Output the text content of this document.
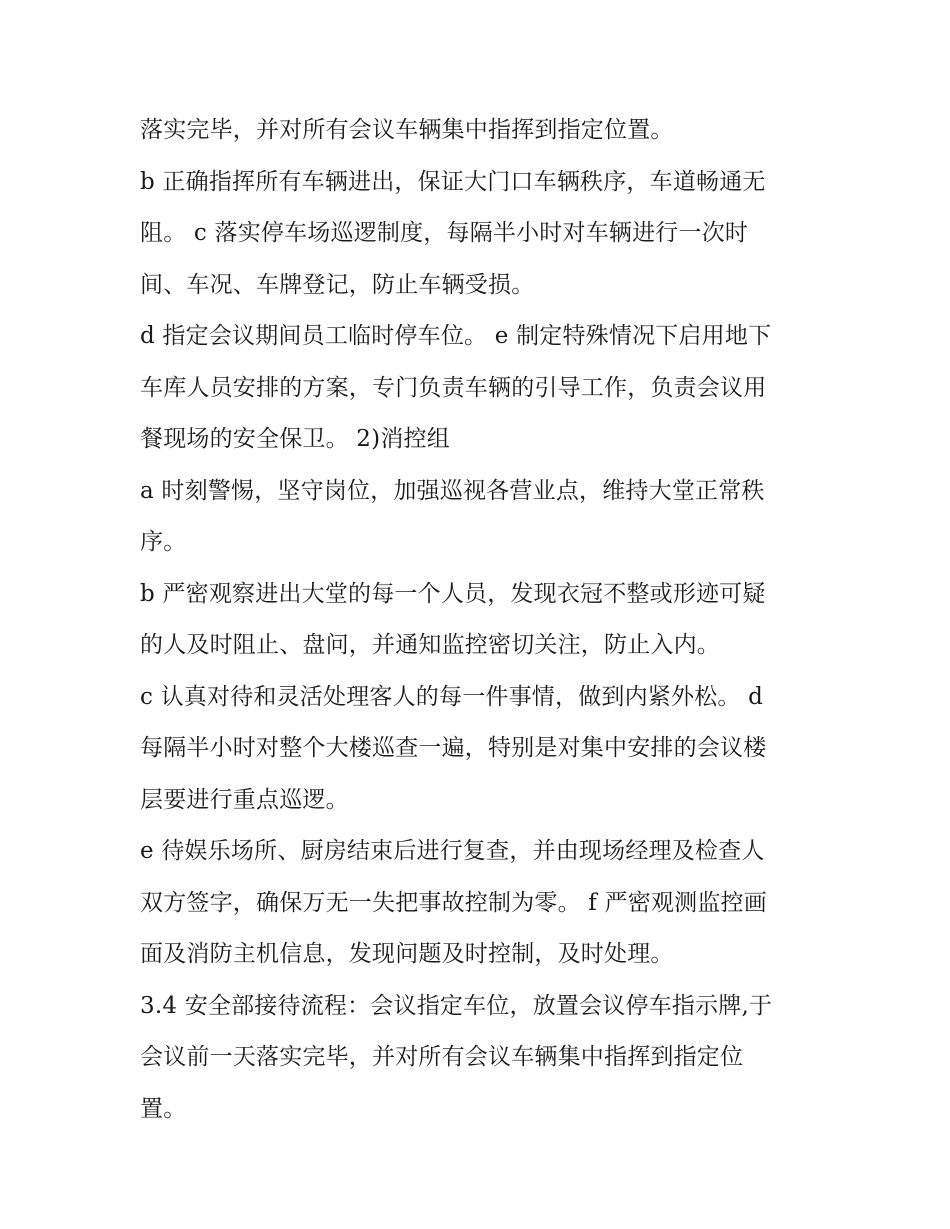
落实完毕，并对所有会议车辆集中指挥到指定位置。
b 正确指挥所有车辆进出，保证大门口车辆秩序，车道畅通无
阻。 c 落实停车场巡逻制度，每隔半小时对车辆进行一次时
间、车况、车牌登记，防止车辆受损。
d 指定会议期间员工临时停车位。 e 制定特殊情况下启用地下
车库人员安排的方案，专门负责车辆的引导工作，负责会议用
餐现场的安全保卫。 2)消控组
a 时刻警惕，坚守岗位，加强巡视各营业点，维持大堂正常秩
序。
b 严密观察进出大堂的每一个人员，发现衣冠不整或形迹可疑
的人及时阻止、盘问，并通知监控密切关注，防止入内。
c 认真对待和灵活处理客人的每一件事情，做到内紧外松。 d
每隔半小时对整个大楼巡查一遍，特别是对集中安排的会议楼
层要进行重点巡逻。
e 待娱乐场所、厨房结束后进行复查，并由现场经理及检查人
双方签字，确保万无一失把事故控制为零。 f 严密观测监控画
面及消防主机信息，发现问题及时控制，及时处理。
3.4 安全部接待流程：会议指定车位，放置会议停车指示牌,于
会议前一天落实完毕，并对所有会议车辆集中指挥到指定位
置。
